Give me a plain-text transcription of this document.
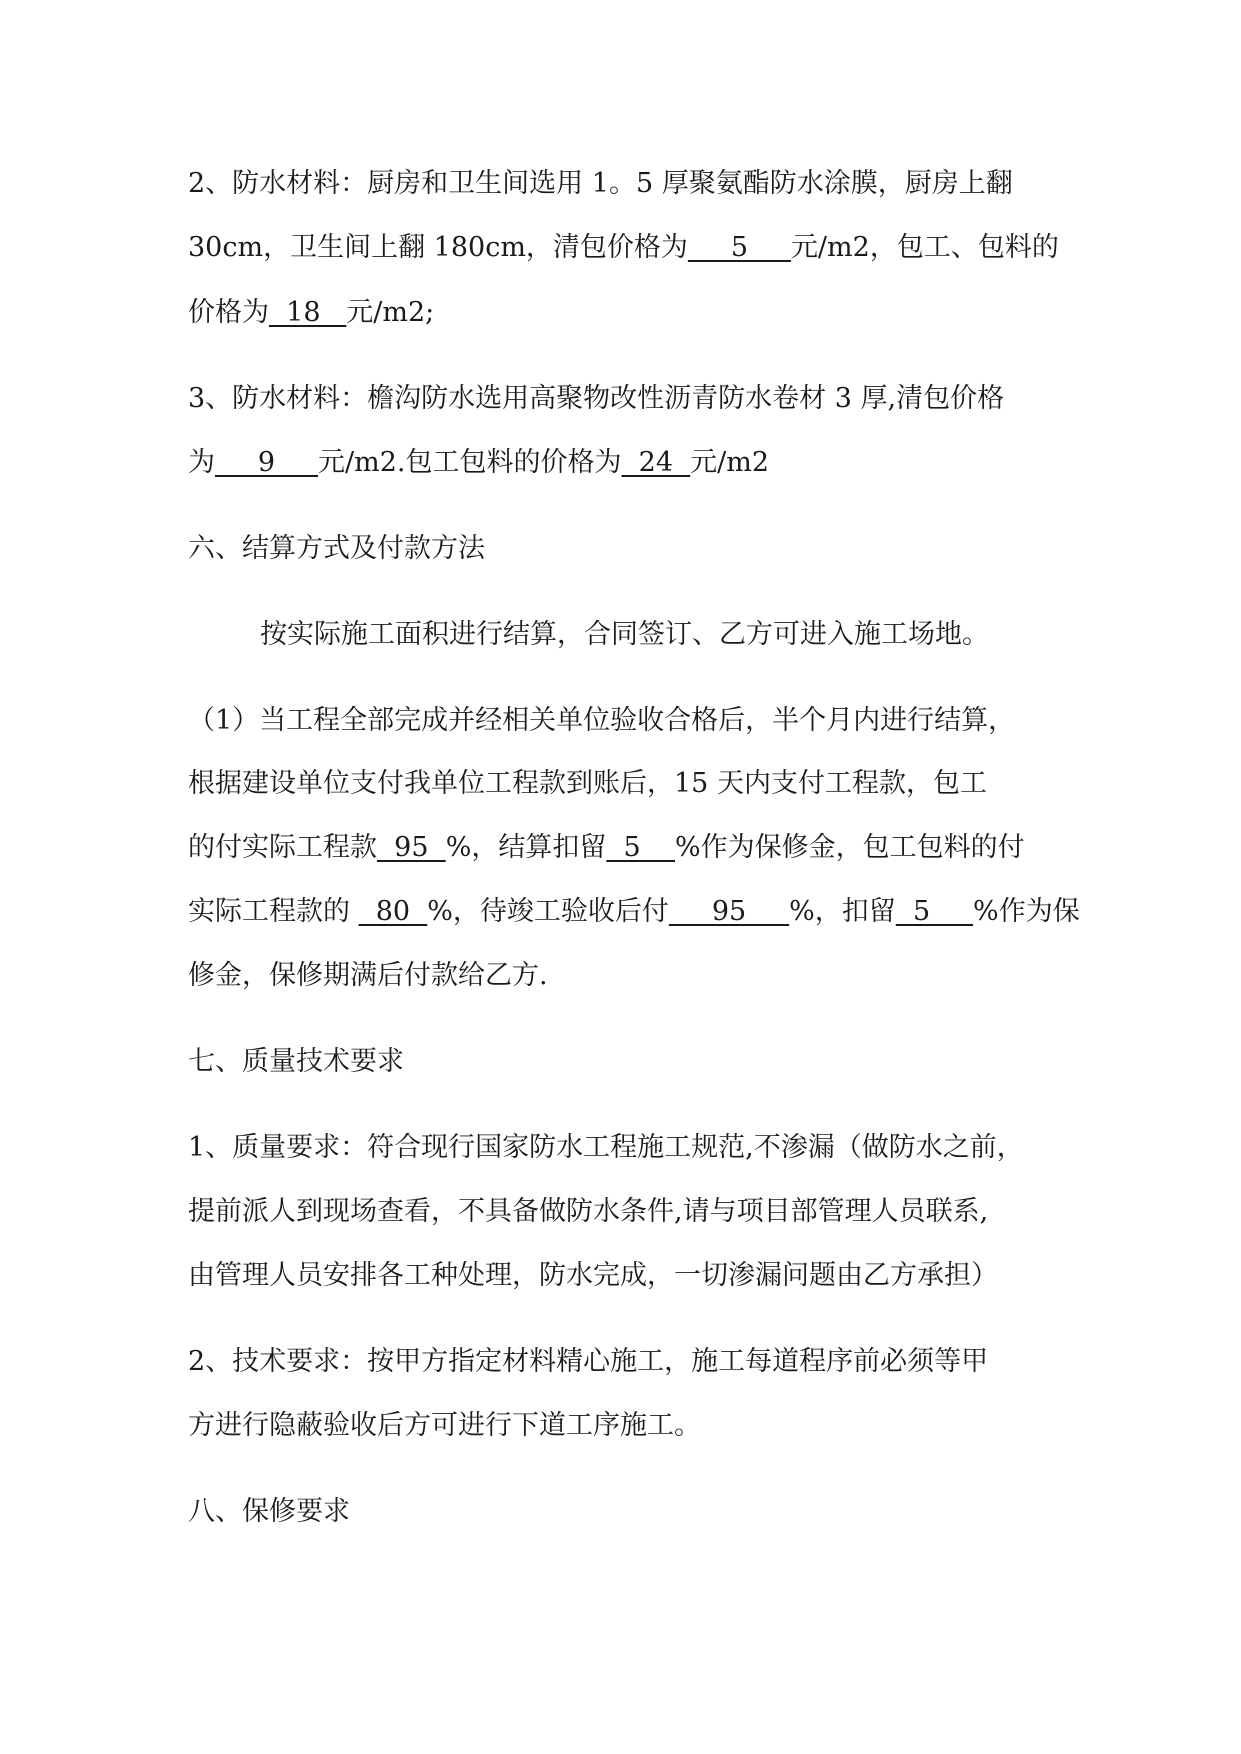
2、防水材料：厨房和卫生间选用 1。5 厚聚氨酯防水涂膜，厨房上翻
30cm，卫生间上翻 180cm，清包价格为     5     元/m2，包工、包料的
价格为  18   元/m2;
3、防水材料：檐沟防水选用高聚物改性沥青防水卷材 3 厚,清包价格
为     9     元/m2.包工包料的价格为  24  元/m2
六、结算方式及付款方法
按实际施工面积进行结算，合同签订、乙方可进入施工场地。
（1）当工程全部完成并经相关单位验收合格后，半个月内进行结算，
根据建设单位支付我单位工程款到账后，15 天内支付工程款，包工
的付实际工程款  95  %，结算扣留  5    %作为保修金，包工包料的付
实际工程款的   80  %，待竣工验收后付     95     %，扣留  5     %作为保
修金，保修期满后付款给乙方.
七、质量技术要求
1、质量要求：符合现行国家防水工程施工规范,不渗漏（做防水之前，
提前派人到现场查看，不具备做防水条件,请与项目部管理人员联系,
由管理人员安排各工种处理，防水完成，一切渗漏问题由乙方承担）
2、技术要求：按甲方指定材料精心施工，施工每道程序前必须等甲
方进行隐蔽验收后方可进行下道工序施工。
八、保修要求
